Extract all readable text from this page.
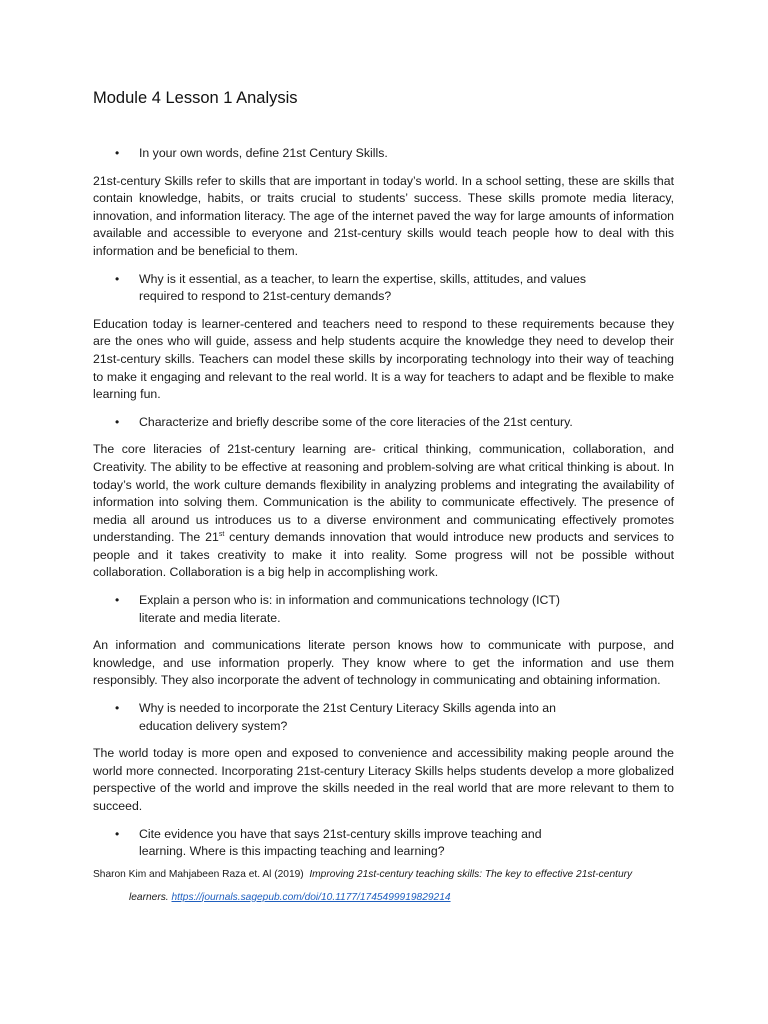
Module 4 Lesson 1 Analysis
• In your own words, define 21st Century Skills.

21st-century Skills refer to skills that are important in today’s world. In a school setting, these are skills that contain knowledge, habits, or traits crucial to students’ success. These skills promote media literacy, innovation, and information literacy. The age of the internet paved the way for large amounts of information available and accessible to everyone and 21st-century skills would teach people how to deal with this information and be beneficial to them.

• Why is it essential, as a teacher, to learn the expertise, skills, attitudes, and values
required to respond to 21st-century demands?

Education today is learner-centered and teachers need to respond to these requirements because they are the ones who will guide, assess and help students acquire the knowledge they need to develop their 21st-century skills. Teachers can model these skills by incorporating technology into their way of teaching to make it engaging and relevant to the real world. It is a way for teachers to adapt and be flexible to make learning fun.

• Characterize and briefly describe some of the core literacies of the 21st century.

The core literacies of 21st-century learning are- critical thinking, communication, collaboration, and Creativity. The ability to be effective at reasoning and problem-solving are what critical thinking is about. In today’s world, the work culture demands flexibility in analyzing problems and integrating the availability of information into solving them. Communication is the ability to communicate effectively. The presence of media all around us introduces us to a diverse environment and communicating effectively promotes understanding. The 21st century demands innovation that would introduce new products and services to people and it takes creativity to make it into reality. Some progress will not be possible without collaboration. Collaboration is a big help in accomplishing work.

• Explain a person who is: in information and communications technology (ICT)
literate and media literate.

An information and communications literate person knows how to communicate with purpose, and knowledge, and use information properly. They know where to get the information and use them responsibly. They also incorporate the advent of technology in communicating and obtaining information.

• Why is needed to incorporate the 21st Century Literacy Skills agenda into an
education delivery system?

The world today is more open and exposed to convenience and accessibility making people around the world more connected. Incorporating 21st-century Literacy Skills helps students develop a more globalized perspective of the world and improve the skills needed in the real world that are more relevant to them to succeed.

• Cite evidence you have that says 21st-century skills improve teaching and
learning. Where is this impacting teaching and learning?
Sharon Kim and Mahjabeen Raza et. Al (2019) Improving 21st-century teaching skills: The key to effective 21st-century
learners. https://journals.sagepub.com/doi/10.1177/1745499919829214
